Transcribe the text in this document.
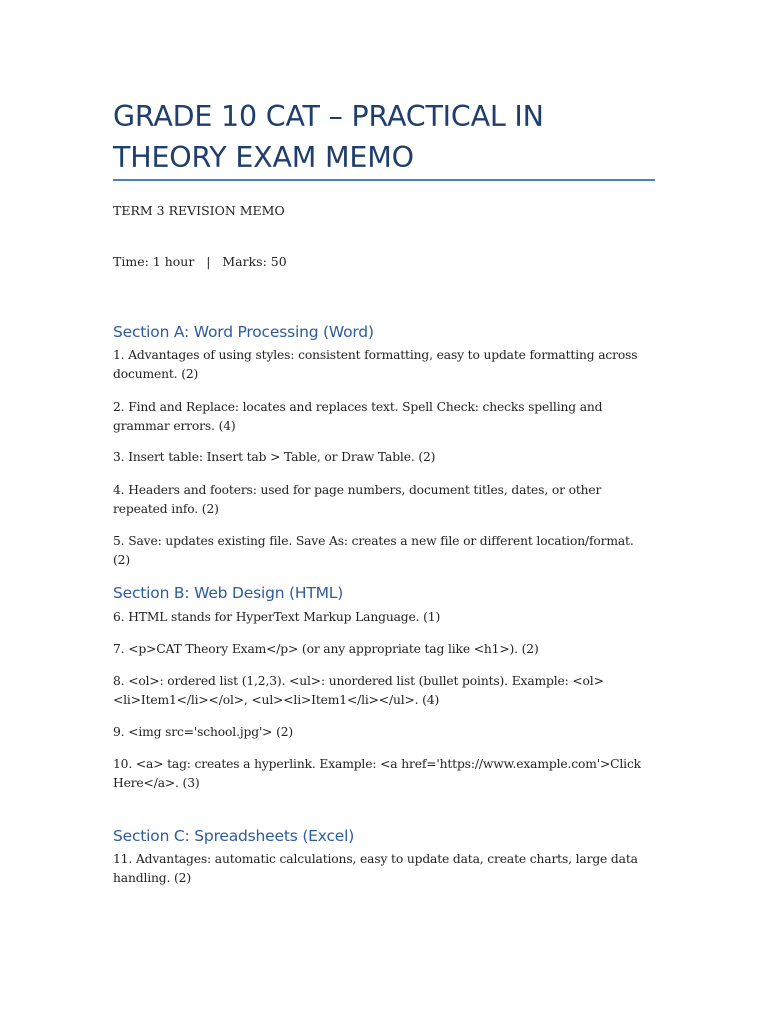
GRADE 10 CAT – PRACTICAL IN THEORY EXAM MEMO

TERM 3 REVISION MEMO

Time: 1 hour   |   Marks: 50

Section A: Word Processing (Word)

1. Advantages of using styles: consistent formatting, easy to update formatting across document. (2)

2. Find and Replace: locates and replaces text. Spell Check: checks spelling and grammar errors. (4)

3. Insert table: Insert tab > Table, or Draw Table. (2)

4. Headers and footers: used for page numbers, document titles, dates, or other repeated info. (2)

5. Save: updates existing file. Save As: creates a new file or different location/format. (2)

Section B: Web Design (HTML)

6. HTML stands for HyperText Markup Language. (1)

7. <p>CAT Theory Exam</p> (or any appropriate tag like <h1>). (2)

8. <ol>: ordered list (1,2,3). <ul>: unordered list (bullet points). Example: <ol><li>Item1</li></ol>, <ul><li>Item1</li></ul>. (4)

9. <img src='school.jpg'> (2)

10. <a> tag: creates a hyperlink. Example: <a href='https://www.example.com'>Click Here</a>. (3)

Section C: Spreadsheets (Excel)

11. Advantages: automatic calculations, easy to update data, create charts, large data handling. (2)
